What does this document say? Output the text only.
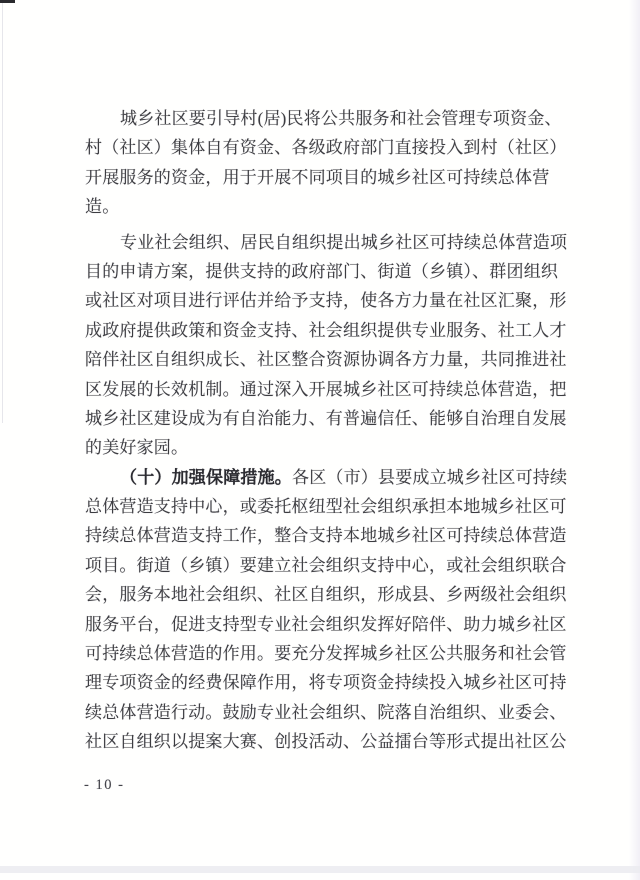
城乡社区要引导村(居)民将公共服务和社会管理专项资金、
村（社区）集体自有资金、各级政府部门直接投入到村（社区）
开展服务的资金，用于开展不同项目的城乡社区可持续总体营
造。
专业社会组织、居民自组织提出城乡社区可持续总体营造项
目的申请方案，提供支持的政府部门、街道（乡镇）、群团组织
或社区对项目进行评估并给予支持，使各方力量在社区汇聚，形
成政府提供政策和资金支持、社会组织提供专业服务、社工人才
陪伴社区自组织成长、社区整合资源协调各方力量，共同推进社
区发展的长效机制。通过深入开展城乡社区可持续总体营造，把
城乡社区建设成为有自治能力、有普遍信任、能够自治理自发展
的美好家园。
（十）加强保障措施。各区（市）县要成立城乡社区可持续
总体营造支持中心，或委托枢纽型社会组织承担本地城乡社区可
持续总体营造支持工作，整合支持本地城乡社区可持续总体营造
项目。街道（乡镇）要建立社会组织支持中心，或社会组织联合
会，服务本地社会组织、社区自组织，形成县、乡两级社会组织
服务平台，促进支持型专业社会组织发挥好陪伴、助力城乡社区
可持续总体营造的作用。要充分发挥城乡社区公共服务和社会管
理专项资金的经费保障作用，将专项资金持续投入城乡社区可持
续总体营造行动。鼓励专业社会组织、院落自治组织、业委会、
社区自组织以提案大赛、创投活动、公益擂台等形式提出社区公
- 10 -
